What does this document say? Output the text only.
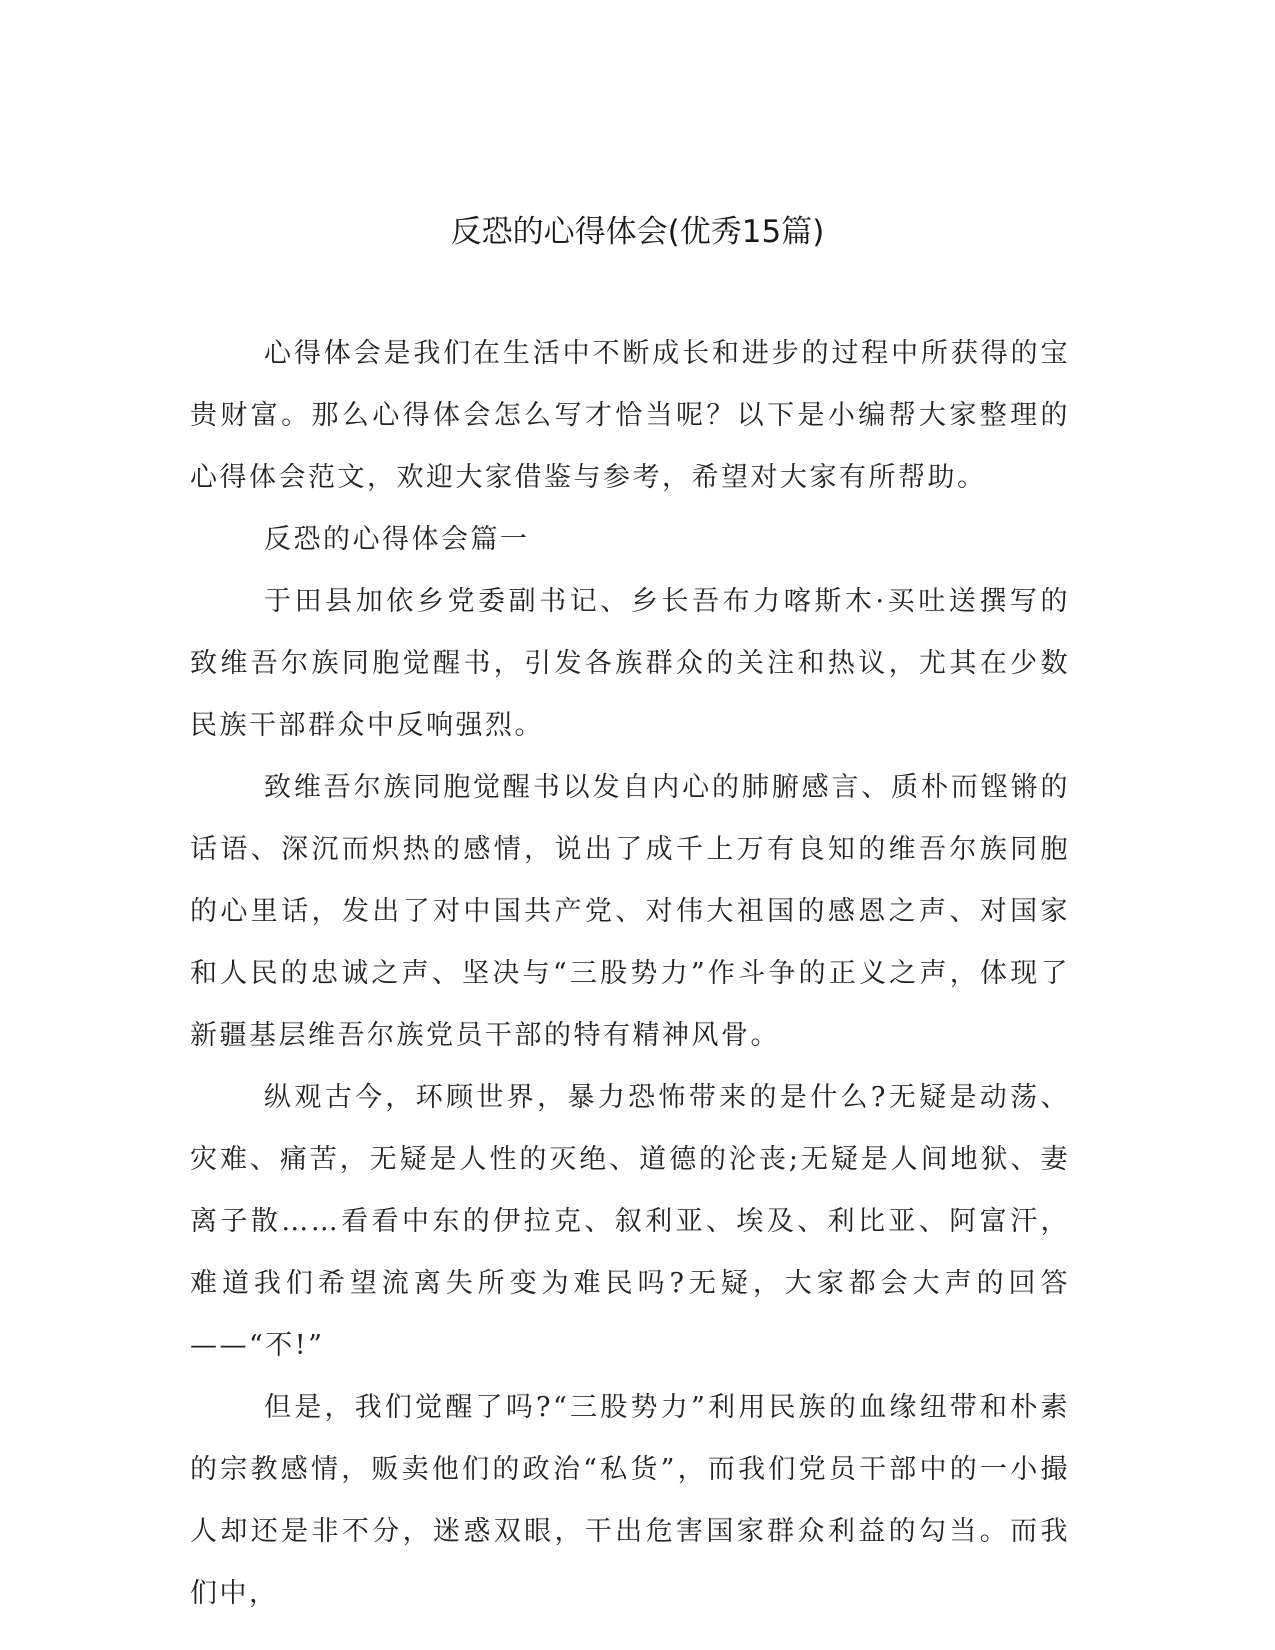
反恐的心得体会(优秀15篇)

心得体会是我们在生活中不断成长和进步的过程中所获得的宝贵财富。那么心得体会怎么写才恰当呢？以下是小编帮大家整理的心得体会范文，欢迎大家借鉴与参考，希望对大家有所帮助。

反恐的心得体会篇一

于田县加依乡党委副书记、乡长吾布力喀斯木·买吐送撰写的致维吾尔族同胞觉醒书，引发各族群众的关注和热议，尤其在少数民族干部群众中反响强烈。

致维吾尔族同胞觉醒书以发自内心的肺腑感言、质朴而铿锵的话语、深沉而炽热的感情，说出了成千上万有良知的维吾尔族同胞的心里话，发出了对中国共产党、对伟大祖国的感恩之声、对国家和人民的忠诚之声、坚决与“三股势力”作斗争的正义之声，体现了新疆基层维吾尔族党员干部的特有精神风骨。

纵观古今，环顾世界，暴力恐怖带来的是什么?无疑是动荡、灾难、痛苦，无疑是人性的灭绝、道德的沦丧;无疑是人间地狱、妻离子散……看看中东的伊拉克、叙利亚、埃及、利比亚、阿富汗，难道我们希望流离失所变为难民吗?无疑，大家都会大声的回答——“不!”

但是，我们觉醒了吗?“三股势力”利用民族的血缘纽带和朴素的宗教感情，贩卖他们的政治“私货”，而我们党员干部中的一小撮人却还是非不分，迷惑双眼，干出危害国家群众利益的勾当。而我们中，
